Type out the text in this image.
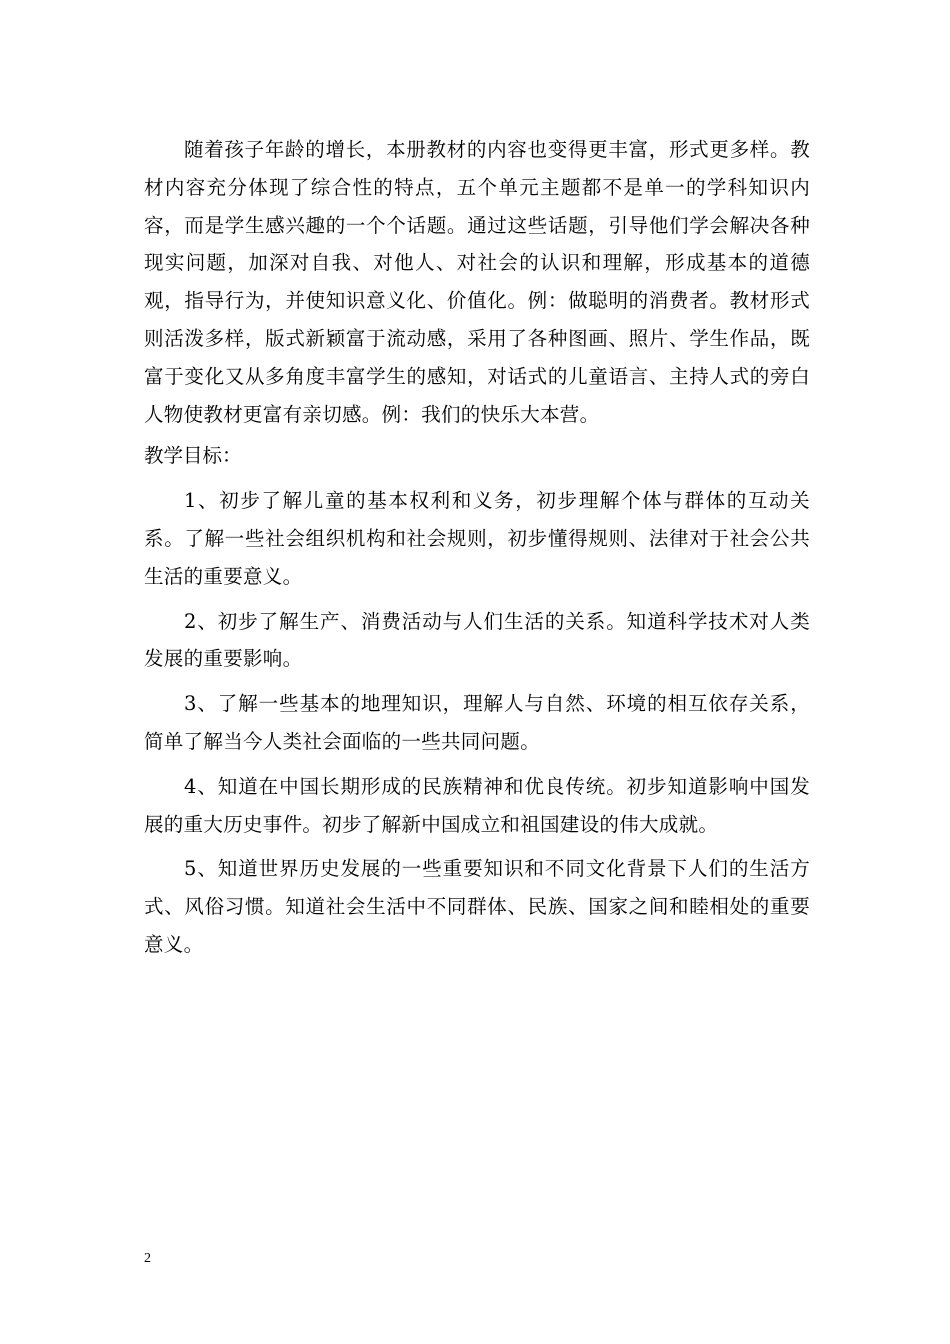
随着孩子年龄的增长，本册教材的内容也变得更丰富，形式更多样。教材内容充分体现了综合性的特点，五个单元主题都不是单一的学科知识内容，而是学生感兴趣的一个个话题。通过这些话题，引导他们学会解决各种现实问题，加深对自我、对他人、对社会的认识和理解，形成基本的道德观，指导行为，并使知识意义化、价值化。例：做聪明的消费者。教材形式则活泼多样，版式新颖富于流动感，采用了各种图画、照片、学生作品，既富于变化又从多角度丰富学生的感知，对话式的儿童语言、主持人式的旁白人物使教材更富有亲切感。例：我们的快乐大本营。

教学目标：

1、初步了解儿童的基本权利和义务，初步理解个体与群体的互动关系。了解一些社会组织机构和社会规则，初步懂得规则、法律对于社会公共生活的重要意义。

2、初步了解生产、消费活动与人们生活的关系。知道科学技术对人类发展的重要影响。

3、了解一些基本的地理知识，理解人与自然、环境的相互依存关系，简单了解当今人类社会面临的一些共同问题。

4、知道在中国长期形成的民族精神和优良传统。初步知道影响中国发展的重大历史事件。初步了解新中国成立和祖国建设的伟大成就。

5、知道世界历史发展的一些重要知识和不同文化背景下人们的生活方式、风俗习惯。知道社会生活中不同群体、民族、国家之间和睦相处的重要意义。

2
